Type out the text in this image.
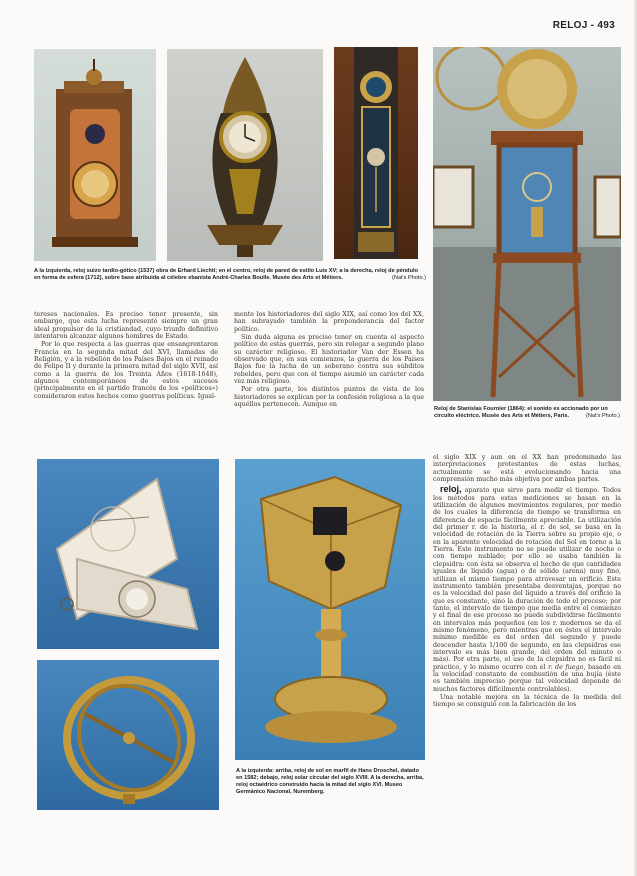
RELOJ - 493
A la izquierda, reloj suizo tardío-gótico (1537) obra de Erhard Liechti; en el centro, reloj de pared de estilo Luis XV; a la derecha, reloj de péndulo en forma de esfera (1712), sobre base atribuida al célebre ebanista André-Charles Boulle. Musée des Arts et Métiers.	(Nat's Photo.)
Reloj de Stanislas Fournier (1864): el sonido es accionado por un circuito eléctrico. Musée des Arts et Métiers, París.	(Nat's Photo.)

tereses nacionales. Es preciso tener presente, sin embargo, que esta lucha representó siempre un gran ideal propulsor de la cristiandad, cuyo triunfo definitivo intentaron alcanzar algunos hombres de Estado.

Por lo que respecta a las guerras que ensangrentaron Francia en la segunda mitad del XVI, llamadas de Religión, y a la rebelión de los Países Bajos en el reinado de Felipe II y durante la primera mitad del siglo XVII, así como a la guerra de los Treinta Años (1618-1648), algunos contemporáneos de estos sucesos (principalmente en el partido francés de los «políticos») consideraron estos hechos como guerras políticas. Igual-

mente los historiadores del siglo XIX, así como los del XX, han subrayado también la preponderancia del factor político.

Sin duda alguna es preciso tener en cuenta el aspecto político de estas guerras, pero sin relegar a segundo plano su carácter religioso. El historiador Van der Essen ha observado que, en sus comienzos, la guerra de los Países Bajos fue la lucha de un soberano contra sus súbditos rebeldes, pero que con el tiempo asumió un carácter cada vez más religioso.

Por otra parte, los distintos puntos de vista de los historiadores se explican por la confesión religiosa a la que aquéllos pertenecen. Aunque en

A la izquierda: arriba, reloj de sol en marfil de Hans Droschel, datado en 1582; debajo, reloj solar circular del siglo XVIII. A la derecha, arriba, reloj octaédrico construido hacia la mitad del siglo XVI. Museo Germánico Nacional, Nuremberg.

el siglo XIX y aun en el XX han predominado las interpretaciones protestantes de estas luchas, actualmente se está evolucionando hacia una comprensión mucho más objetiva por ambas partes.

reloj, aparato que sirve para medir el tiempo. Todos los métodos para estas mediciones se basan en la utilización de algunos movimientos regulares, por medio de los cuales la diferencia de tiempo se transforma en diferencia de espacio fácilmente apreciable. La utilización del primer r. de la historia, el r. de sol, se basa en la velocidad de rotación de la Tierra sobre su propio eje, o en la aparente velocidad de rotación del Sol en torno a la Tierra. Este instrumento no se puede utilizar de noche o con tiempo nublado; por ello se usaba también la clepsidra: con ésta se observa el hecho de que cantidades iguales de líquido (agua) o de sólido (arena) muy fino, utilizan el mismo tiempo para atravesar un orificio. Este instrumento también presentaba desventajas, porque no es la velocidad del paso del líquido a través del orificio la que es constante, sino la duración de todo el proceso; por tanto, el intervalo de tiempo que media entre el comienzo y el final de ese proceso no puede subdividirse fácilmente en intervalos más pequeños (en los r. modernos se da el mismo fenómeno, pero mientras que en éstos el intervalo mínimo medible es del orden del segundo y puede descender hasta 1/100 de segundo, en las clepsidras ese intervalo es más bien grande, del orden del minuto o más). Por otra parte, el uso de la clepsidra no es fácil ni práctico, y lo mismo ocurre con el r. de fuego, basado en la velocidad constante de combustión de una bujía (éste es también impreciso porque tal velocidad depende de muchos factores difícilmente controlables).

Una notable mejora en la técnica de la medida del tiempo se consiguió con la fabricación de los
